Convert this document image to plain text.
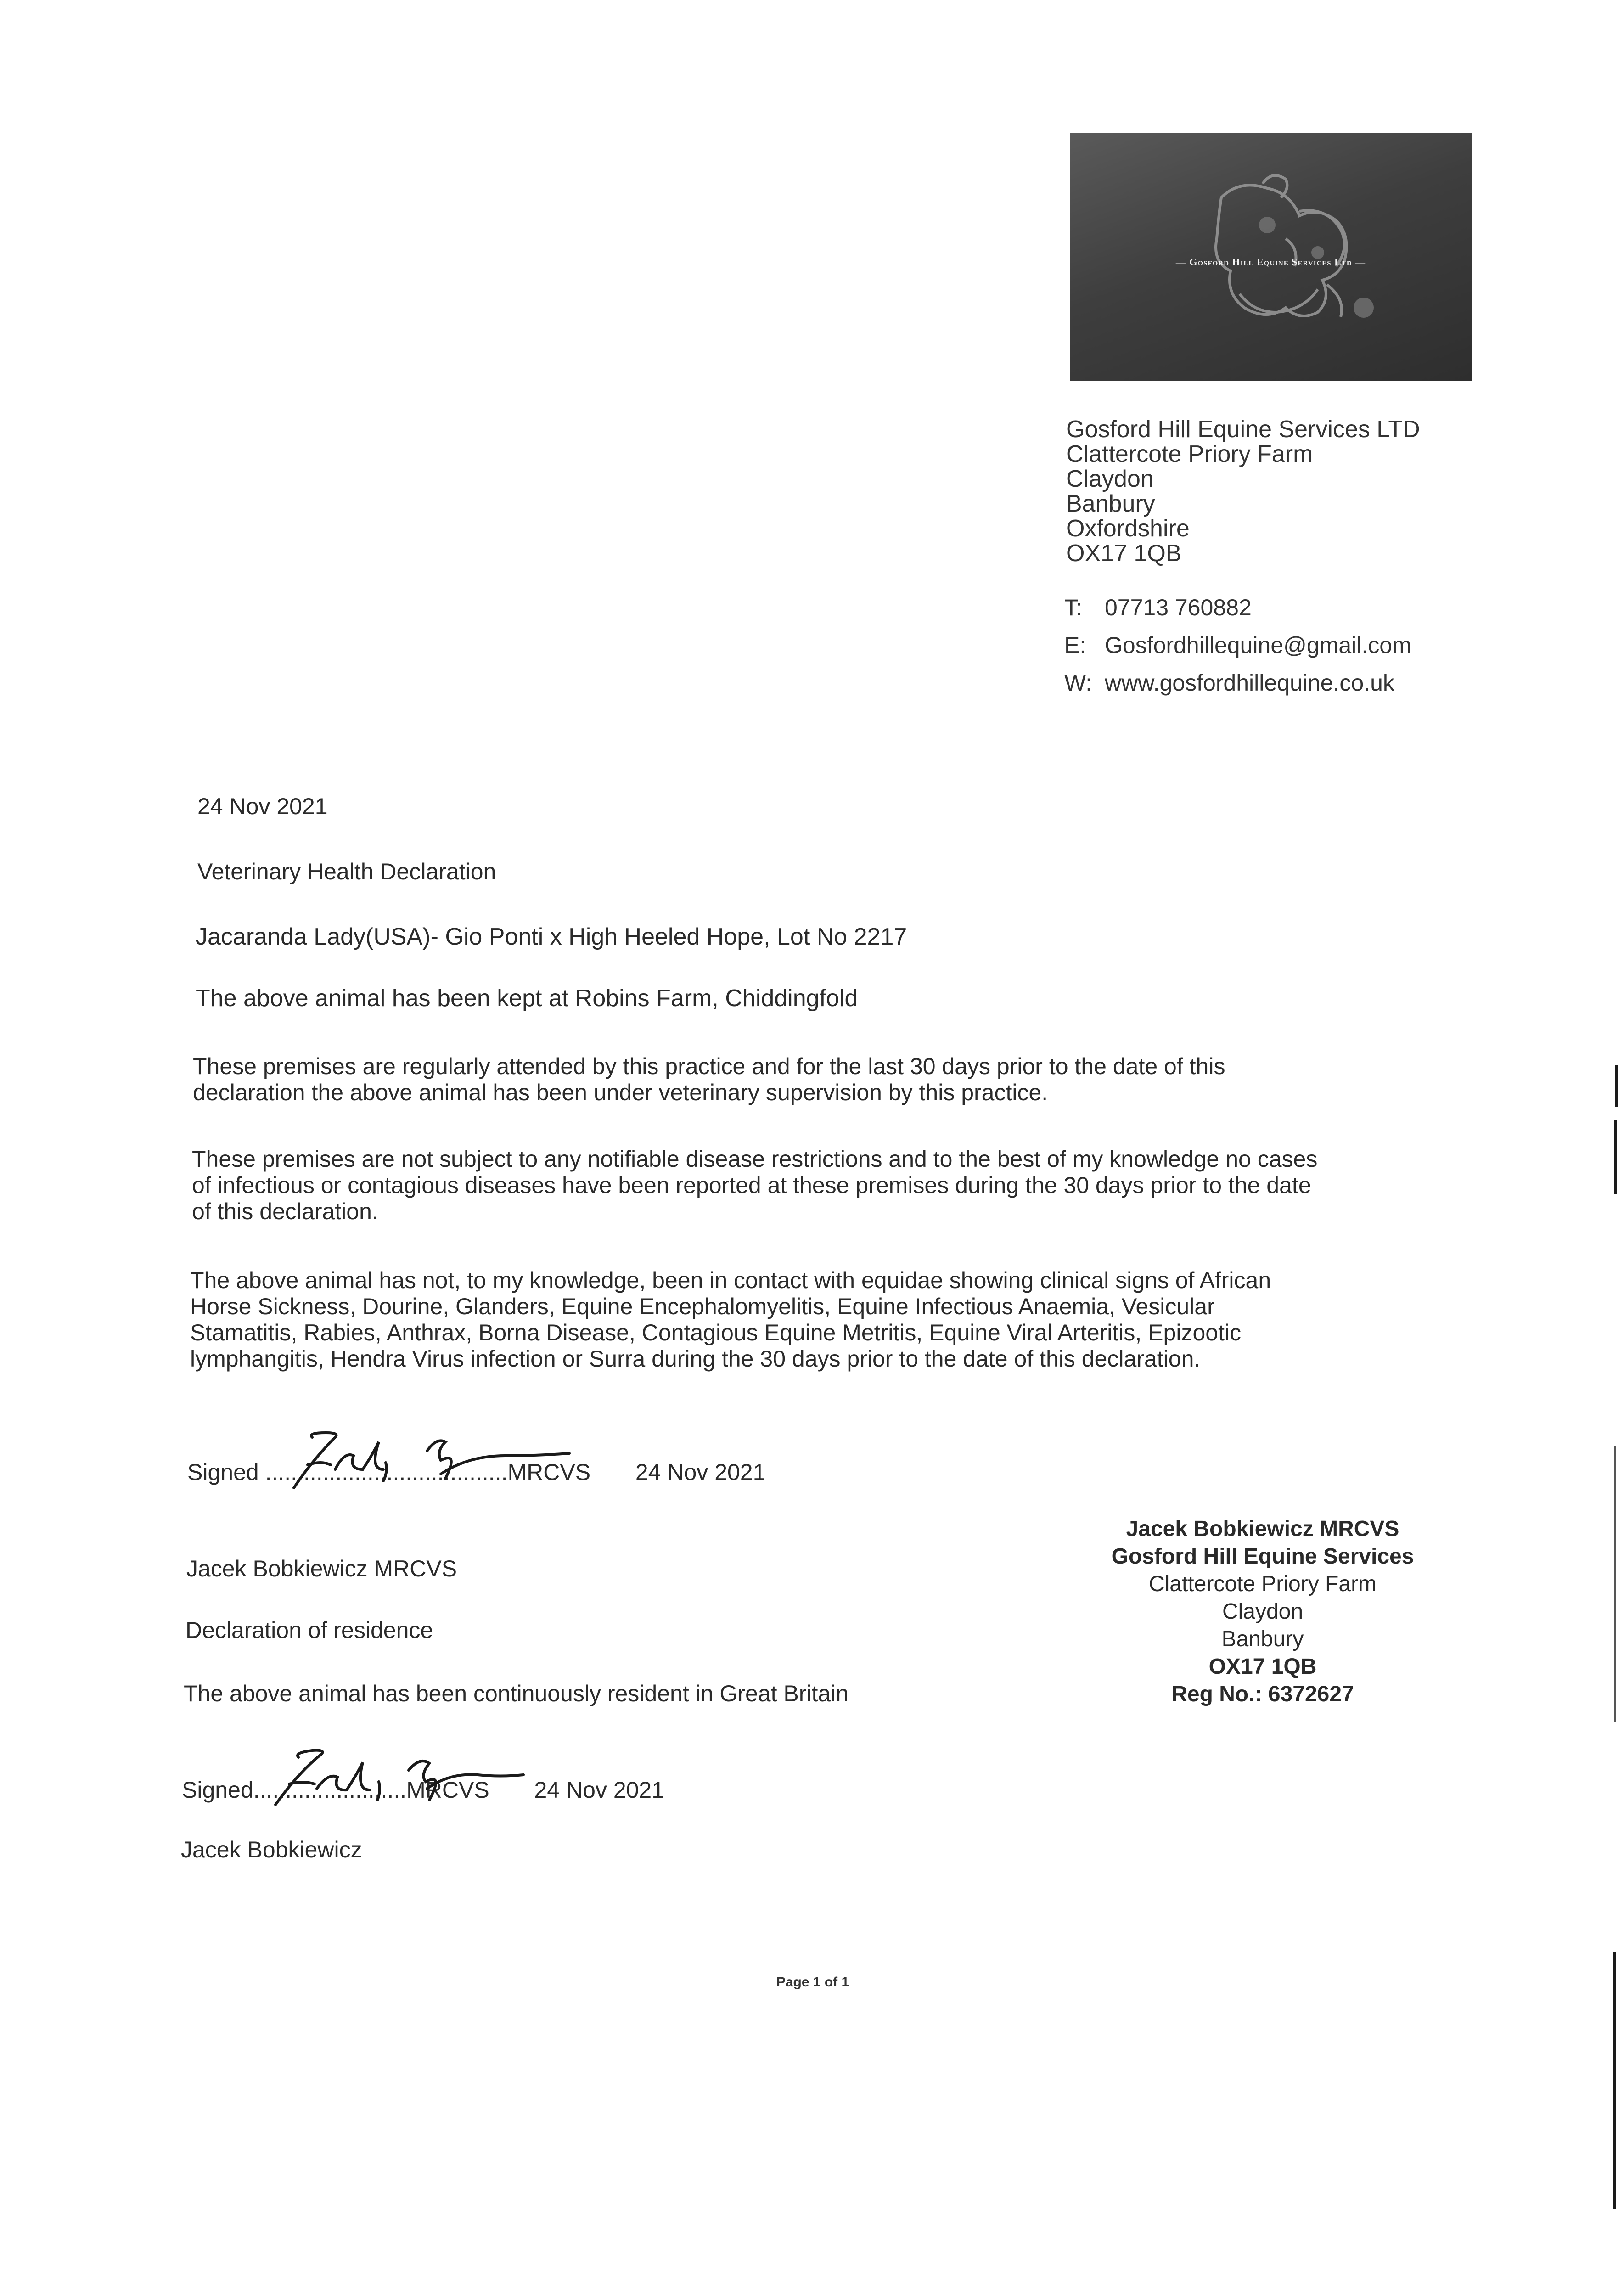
— Gosford Hill Equine Services Ltd —
Gosford Hill Equine Services LTD
Clattercote Priory Farm
Claydon
Banbury
Oxfordshire
OX17 1QB
T: 07713 760882
E: Gosfordhillequine@gmail.com
W: www.gosfordhillequine.co.uk
24 Nov 2021
Veterinary Health Declaration
Jacaranda Lady(USA)- Gio Ponti x High Heeled Hope, Lot No 2217
The above animal has been kept at Robins Farm, Chiddingfold
These premises are regularly attended by this practice and for the last 30 days prior to the date of this
declaration the above animal has been under veterinary supervision by this practice.
These premises are not subject to any notifiable disease restrictions and to the best of my knowledge no cases
of infectious or contagious diseases have been reported at these premises during the 30 days prior to the date
of this declaration.
The above animal has not, to my knowledge, been in contact with equidae showing clinical signs of African
Horse Sickness, Dourine, Glanders, Equine Encephalomyelitis, Equine Infectious Anaemia, Vesicular
Stamatitis, Rabies, Anthrax, Borna Disease, Contagious Equine Metritis, Equine Viral Arteritis, Epizootic
lymphangitis, Hendra Virus infection or Surra during the 30 days prior to the date of this declaration.
Signed ......................................MRCVS 24 Nov 2021
Jacek Bobkiewicz MRCVS
Declaration of residence
The above animal has been continuously resident in Great Britain
Signed........................MRCVS 24 Nov 2021
Jacek Bobkiewicz
Jacek Bobkiewicz MRCVS
Gosford Hill Equine Services
Clattercote Priory Farm
Claydon
Banbury
OX17 1QB
Reg No.: 6372627
Page 1 of 1
